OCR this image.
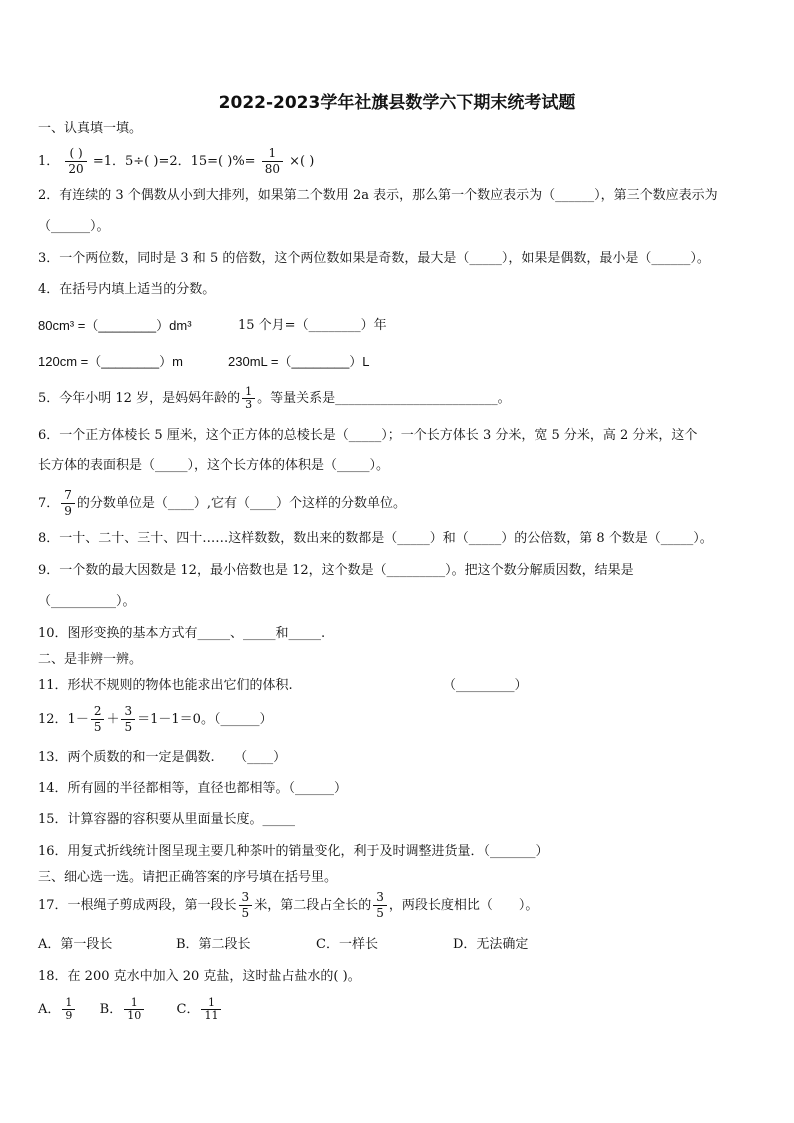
2022-2023学年社旗县数学六下期末统考试题
一、认真填一填。
1． $\frac{( )}{20} =1$．5÷( )=2．15=( )%= $\frac{1}{80}$ ×( )
2．有连续的 3 个偶数从小到大排列，如果第二个数用 2a 表示，那么第一个数应表示为（______），第三个数应表示为
（______）。
3．一个两位数，同时是 3 和 5 的倍数，这个两位数如果是奇数，最大是（_____），如果是偶数，最小是（______）。
4．在括号内填上适当的分数。
80cm³ =（________）dm³	15 个月=（________）年
120cm =（________）m	230mL =（________）L
5．今年小明 12 岁，是妈妈年龄的 $\frac{1}{3}$ 。等量关系是_________________________。
6．一个正方体棱长 5 厘米，这个正方体的总棱长是（_____）；一个长方体长 3 分米，宽 5 分米，高 2 分米，这个
长方体的表面积是（_____），这个长方体的体积是（_____）。
7． $\frac{7}{9}$ 的分数单位是（____）,它有（____）个这样的分数单位。
8．一十、二十、三十、四十……这样数数，数出来的数都是（_____）和（_____）的公倍数，第 8 个数是（_____）。
9．一个数的最大因数是 12，最小倍数也是 12，这个数是（_________）。把这个数分解质因数，结果是
（__________）。
10．图形变换的基本方式有_____、_____和_____.
二、是非辨一辨。
11．形状不规则的物体也能求出它们的体积.	（_________）
12．$1- \frac{2}{5} + \frac{3}{5} =1-1=0$。（______）
13．两个质数的和一定是偶数.　　（____）
14．所有圆的半径都相等，直径也都相等。（______）
15．计算容器的容积要从里面量长度。_____
16．用复式折线统计图呈现主要几种茶叶的销量变化，利于及时调整进货量．（_______）
三、细心选一选。请把正确答案的序号填在括号里。
17．一根绳子剪成两段，第一段长 $\frac{3}{5}$ 米，第二段占全长的 $\frac{3}{5}$ ，两段长度相比（　　）。
A．第一段长	B．第二段长	C．一样长	D．无法确定
18．在 200 克水中加入 20 克盐，这时盐占盐水的( )。
A． $\frac{1}{9}$ B． $\frac{1}{10}$ C． $\frac{1}{11}$
